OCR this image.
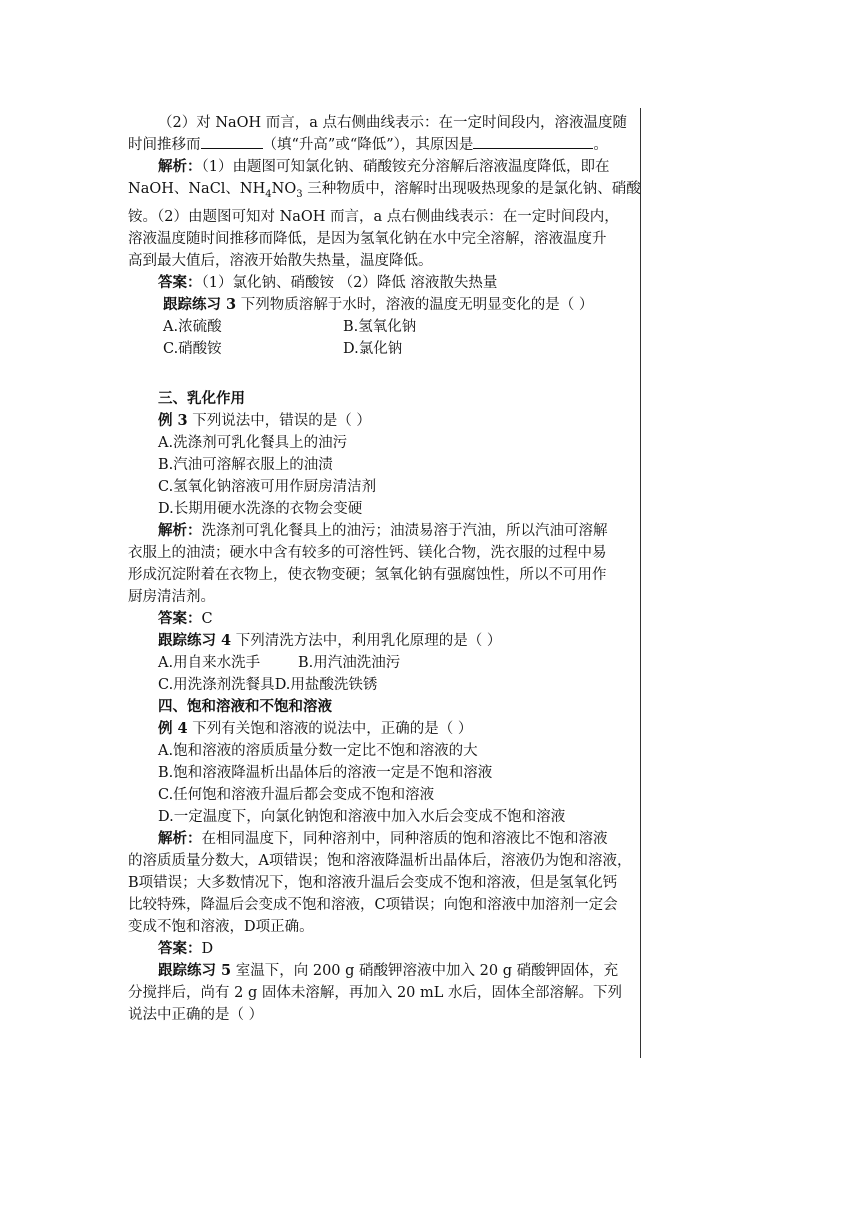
（2）对 NaOH 而言，a 点右侧曲线表示：在一定时间段内，溶液温度随

时间推移而	（填“升高”或“降低”），其原因是	。

解析：（1）由题图可知氯化钠、硝酸铵充分溶解后溶液温度降低，即在

NaOH、NaCl、$NH_4NO_3$ 三种物质中，溶解时出现吸热现象的是氯化钠、硝酸

铵。（2）由题图可知对 NaOH 而言，a 点右侧曲线表示：在一定时间段内，

溶液温度随时间推移而降低，是因为氢氧化钠在水中完全溶解，溶液温度升

高到最大值后，溶液开始散失热量，温度降低。

答案：（1）氯化钠、硝酸铵 （2）降低 溶液散失热量

跟踪练习 3 下列物质溶解于水时，溶液的温度无明显变化的是（ ）

A.浓硫酸	B.氢氧化钠

C.硝酸铵	D.氯化钠

三、乳化作用

例 3 下列说法中，错误的是（ ）

A.洗涤剂可乳化餐具上的油污

B.汽油可溶解衣服上的油渍

C.氢氧化钠溶液可用作厨房清洁剂

D.长期用硬水洗涤的衣物会变硬

解析：洗涤剂可乳化餐具上的油污；油渍易溶于汽油，所以汽油可溶解

衣服上的油渍；硬水中含有较多的可溶性钙、镁化合物，洗衣服的过程中易

形成沉淀附着在衣物上，使衣物变硬；氢氧化钠有强腐蚀性，所以不可用作

厨房清洁剂。

答案：C

跟踪练习 4 下列清洗方法中，利用乳化原理的是（ ）

A.用自来水洗手	B.用汽油洗油污

C.用洗涤剂洗餐具D.用盐酸洗铁锈

四、饱和溶液和不饱和溶液

例 4 下列有关饱和溶液的说法中，正确的是（ ）

A.饱和溶液的溶质质量分数一定比不饱和溶液的大

B.饱和溶液降温析出晶体后的溶液一定是不饱和溶液

C.任何饱和溶液升温后都会变成不饱和溶液

D.一定温度下，向氯化钠饱和溶液中加入水后会变成不饱和溶液

解析：在相同温度下，同种溶剂中，同种溶质的饱和溶液比不饱和溶液

的溶质质量分数大，A项错误；饱和溶液降温析出晶体后，溶液仍为饱和溶液，

B项错误；大多数情况下，饱和溶液升温后会变成不饱和溶液，但是氢氧化钙

比较特殊，降温后会变成不饱和溶液，C项错误；向饱和溶液中加溶剂一定会

变成不饱和溶液，D项正确。

答案：D

跟踪练习 5 室温下，向 200 g 硝酸钾溶液中加入 20 g 硝酸钾固体，充

分搅拌后，尚有 2 g 固体未溶解，再加入 20 mL 水后，固体全部溶解。下列

说法中正确的是（ ）
